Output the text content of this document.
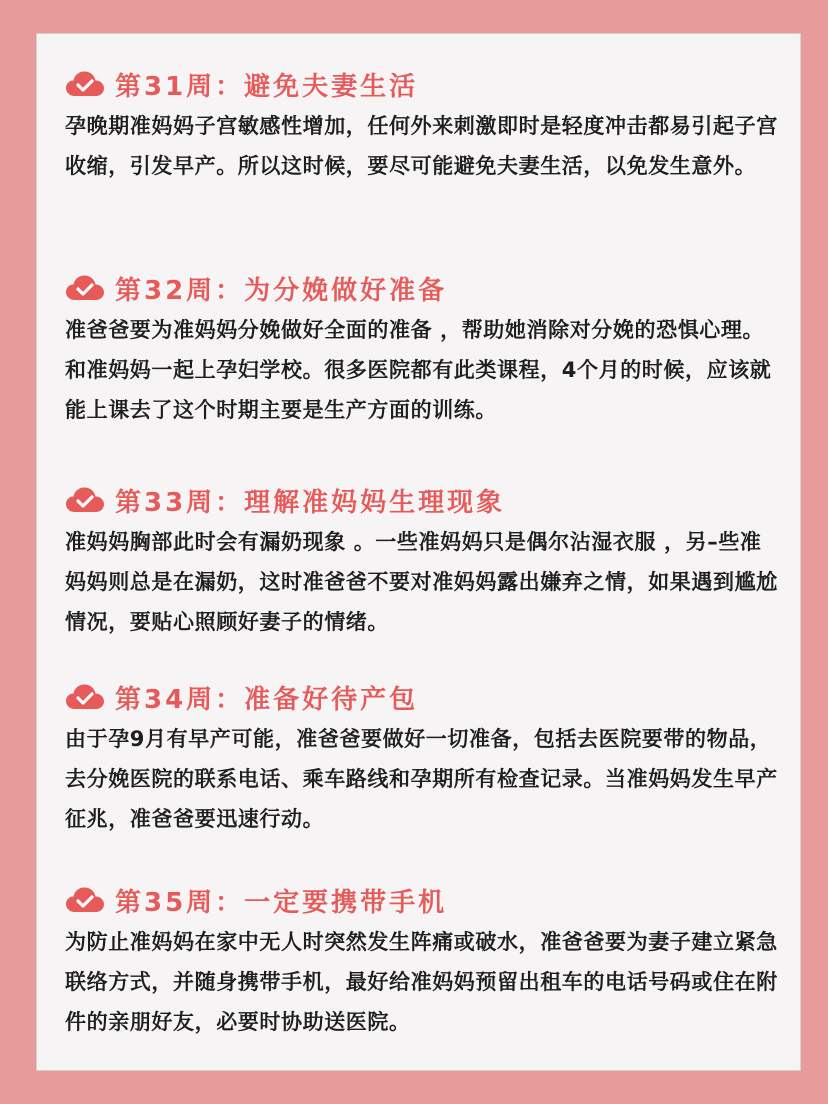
第31周：避免夫妻生活
孕晚期准妈妈子宫敏感性增加，任何外来刺激即时是轻度冲击都易引起子宫收缩，引发早产。所以这时候，要尽可能避免夫妻生活，以免发生意外。
第32周：为分娩做好准备
准爸爸要为准妈妈分娩做好全面的准备 ，帮助她消除对分娩的恐惧心理。和准妈妈一起上孕妇学校。很多医院都有此类课程，4个月的时候，应该就能上课去了这个时期主要是生产方面的训练。
第33周：理解准妈妈生理现象
准妈妈胸部此时会有漏奶现象 。一些准妈妈只是偶尔沾湿衣服 ，另–些准妈妈则总是在漏奶，这时准爸爸不要对准妈妈露出嫌弃之情，如果遇到尴尬情况，要贴心照顾好妻子的情绪。
第34周：准备好待产包
由于孕9月有早产可能，准爸爸要做好一切准备，包括去医院要带的物品，去分娩医院的联系电话、乘车路线和孕期所有检查记录。当准妈妈发生早产征兆，准爸爸要迅速行动。
第35周：一定要携带手机
为防止准妈妈在家中无人时突然发生阵痛或破水，准爸爸要为妻子建立紧急联络方式，并随身携带手机，最好给准妈妈预留出租车的电话号码或住在附件的亲朋好友，必要时协助送医院。
